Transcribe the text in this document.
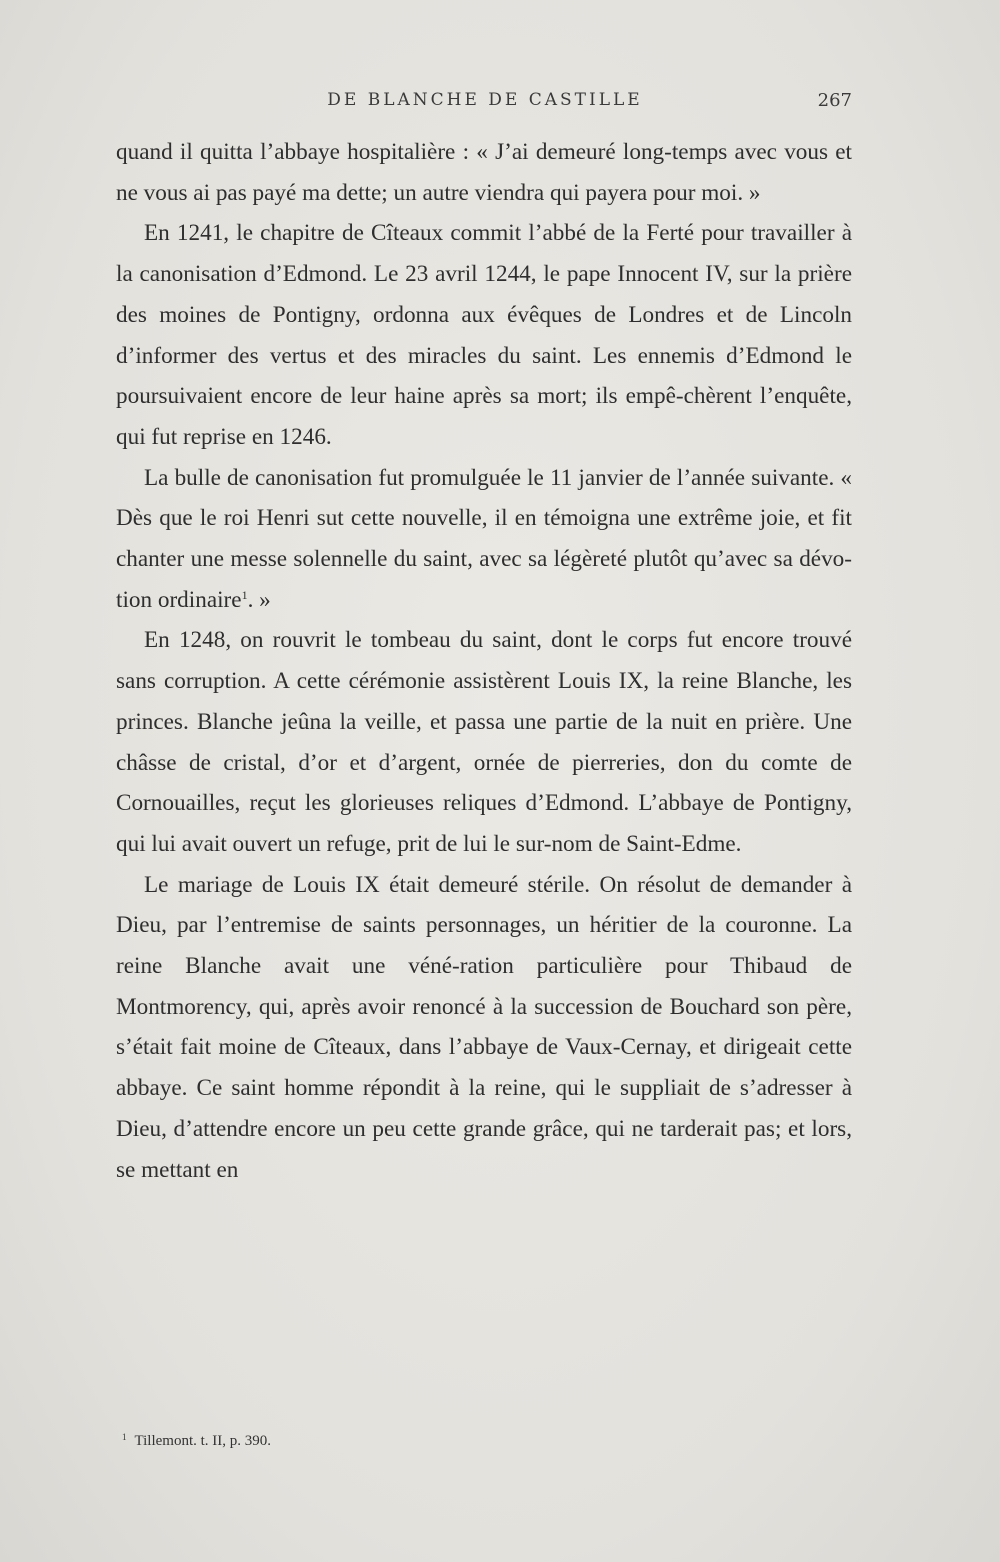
DE BLANCHE DE CASTILLE	267

quand il quitta l’abbaye hospitalière : « J’ai demeuré long-temps avec vous et ne vous ai pas payé ma dette; un autre viendra qui payera pour moi. »

En 1241, le chapitre de Cîteaux commit l’abbé de la Ferté pour travailler à la canonisation d’Edmond. Le 23 avril 1244, le pape Innocent IV, sur la prière des moines de Pontigny, ordonna aux évêques de Londres et de Lincoln d’informer des vertus et des miracles du saint. Les ennemis d’Edmond le poursuivaient encore de leur haine après sa mort; ils empê-chèrent l’enquête, qui fut reprise en 1246.

La bulle de canonisation fut promulguée le 11 janvier de l’année suivante. « Dès que le roi Henri sut cette nouvelle, il en témoigna une extrême joie, et fit chanter une messe solennelle du saint, avec sa légèreté plutôt qu’avec sa dévo-tion ordinaire$^1$. »

En 1248, on rouvrit le tombeau du saint, dont le corps fut encore trouvé sans corruption. A cette cérémonie assistèrent Louis IX, la reine Blanche, les princes. Blanche jeûna la veille, et passa une partie de la nuit en prière. Une châsse de cristal, d’or et d’argent, ornée de pierreries, don du comte de Cornouailles, reçut les glorieuses reliques d’Edmond. L’abbaye de Pontigny, qui lui avait ouvert un refuge, prit de lui le sur-nom de Saint-Edme.

Le mariage de Louis IX était demeuré stérile. On résolut de demander à Dieu, par l’entremise de saints personnages, un héritier de la couronne. La reine Blanche avait une véné-ration particulière pour Thibaud de Montmorency, qui, après avoir renoncé à la succession de Bouchard son père, s’était fait moine de Cîteaux, dans l’abbaye de Vaux-Cernay, et dirigeait cette abbaye. Ce saint homme répondit à la reine, qui le suppliait de s’adresser à Dieu, d’attendre encore un peu cette grande grâce, qui ne tarderait pas; et lors, se mettant en

$^1$ Tillemont. t. II, p. 390.
